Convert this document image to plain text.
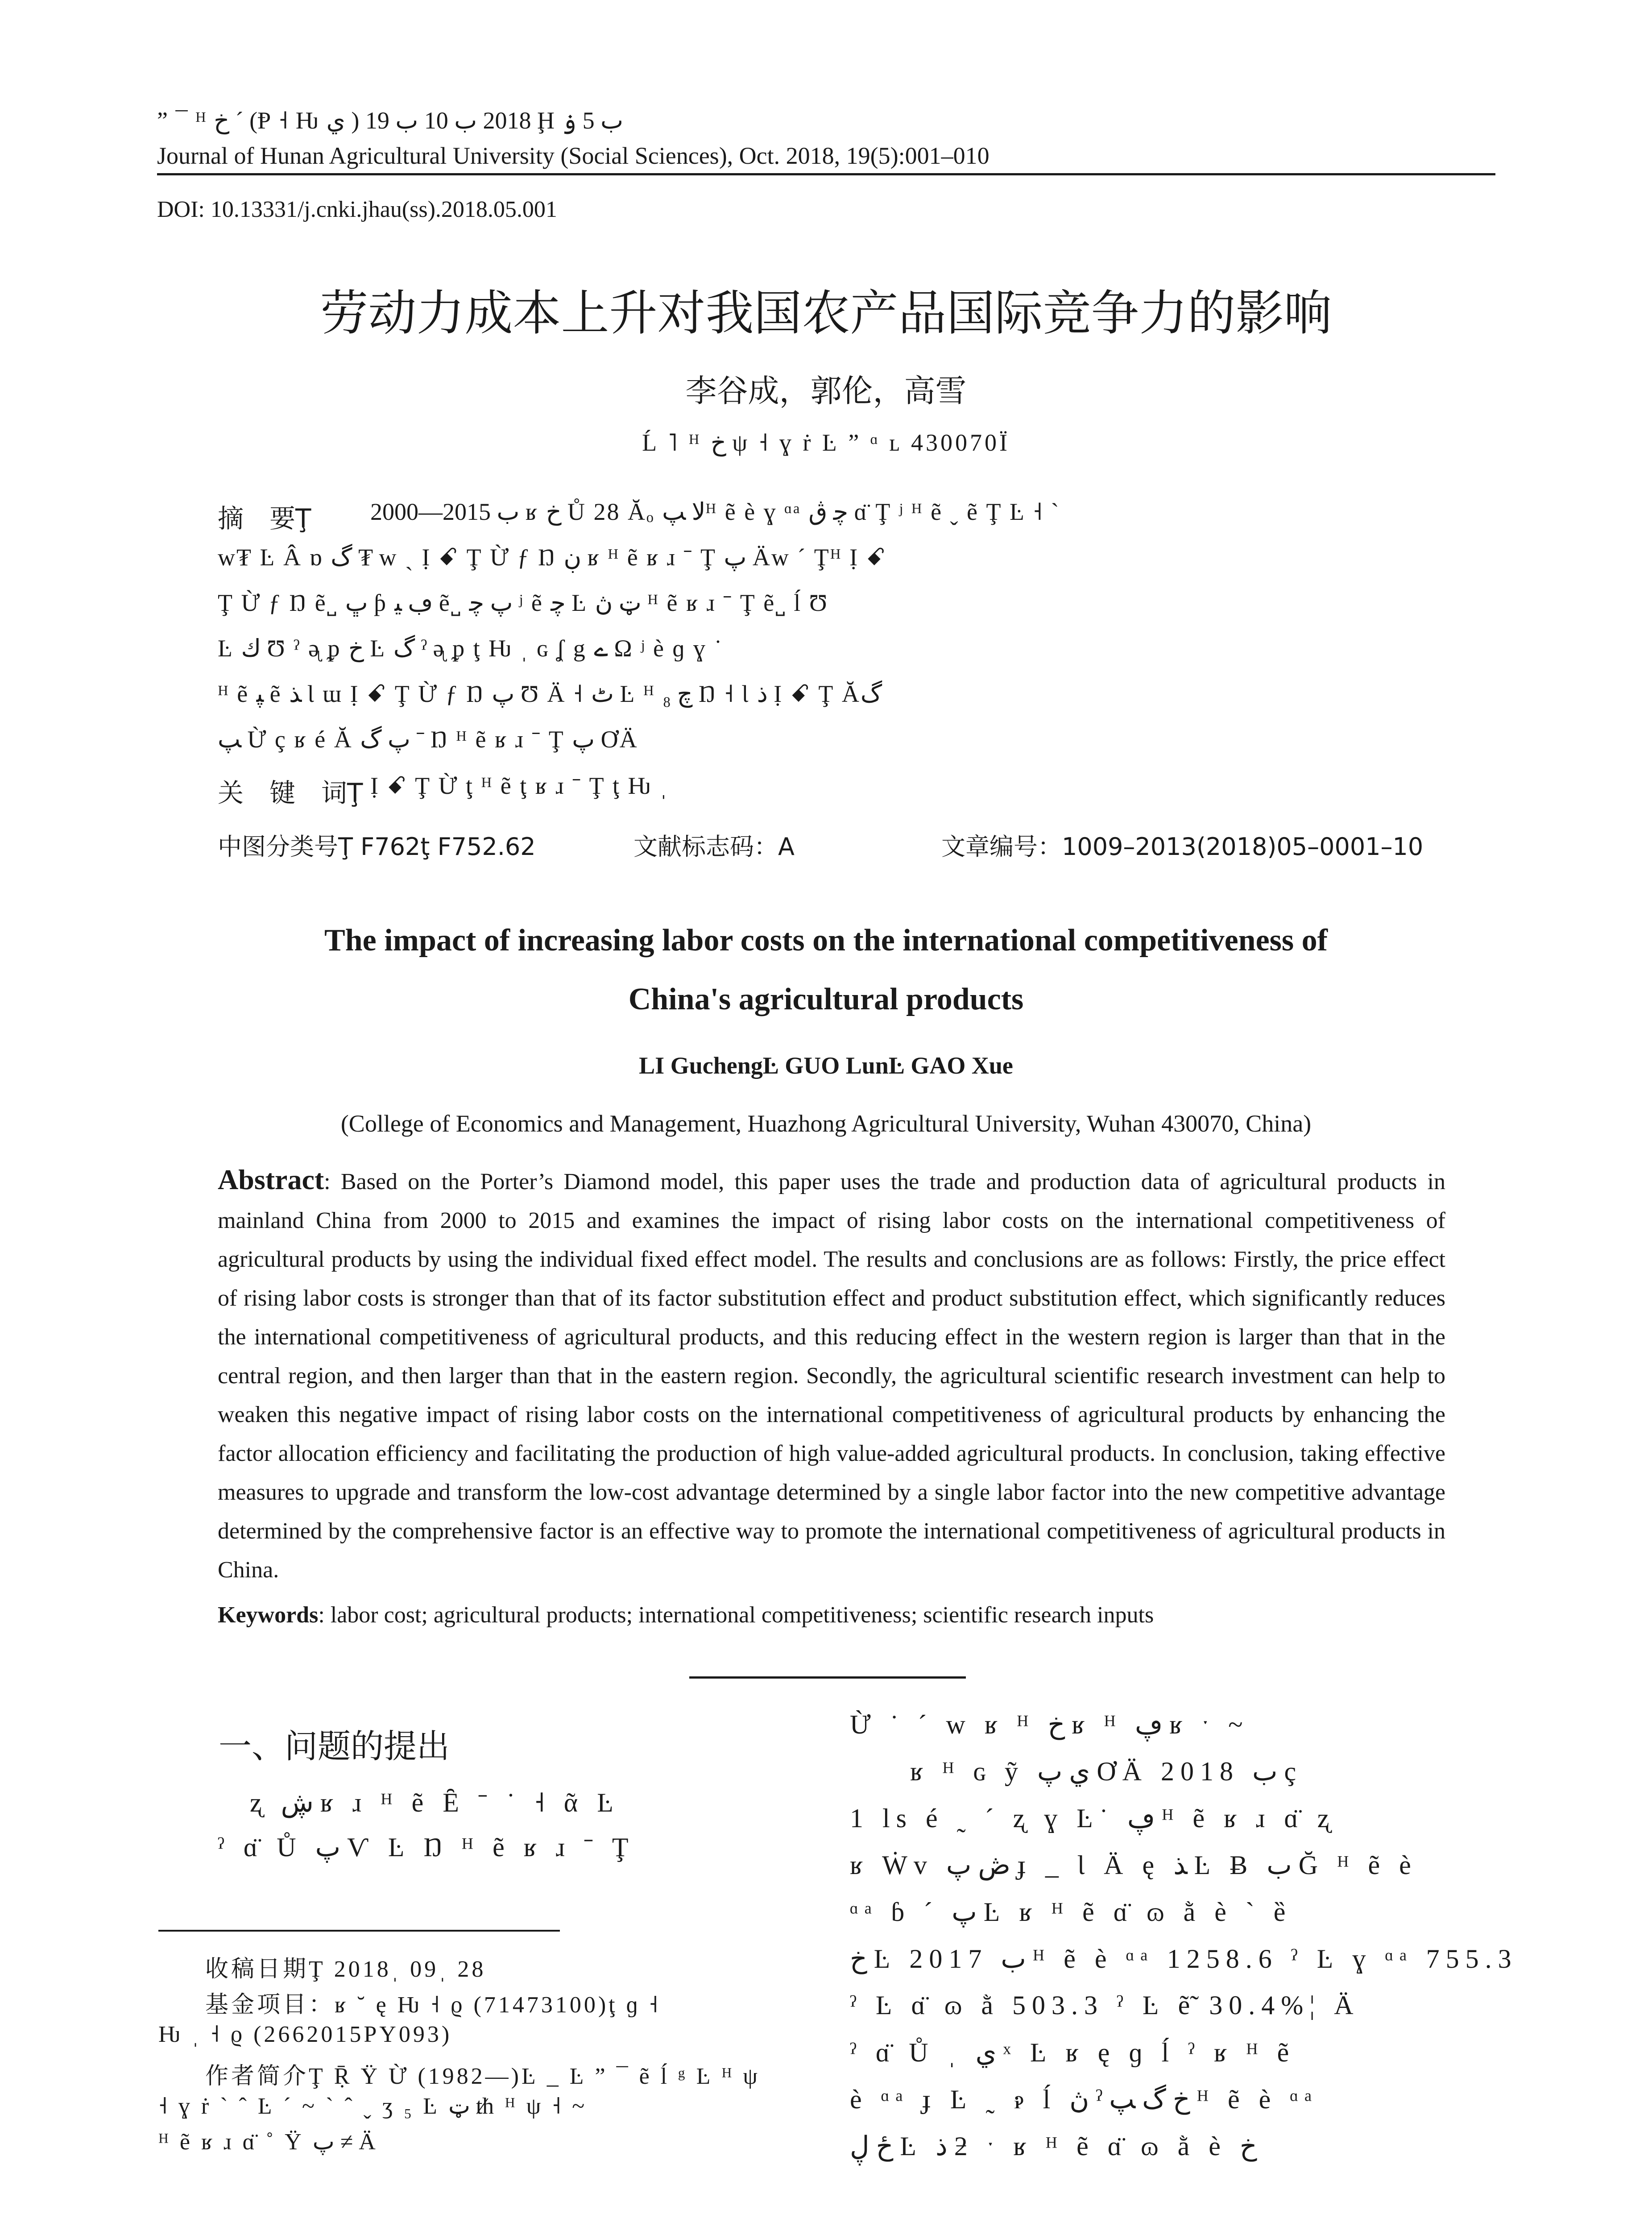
” ¯ ᴴ خ ˊ (Ᵽ ˧ Ƕ ي ) 2018 ب 10 ب 19 Ḩ ب 5 ۏ
Journal of Hunan Agricultural University (Social Sciences), Oct. 2018, 19(5):001–010
DOI: 10.13331/j.cnki.jhau(ss).2018.05.001
劳动力成本上升对我国农产品国际竞争力的影响
李谷成，郭伦，高雪
Ĺ ˥ ᴴ خ ψ ˧ ɣ ṙ Ŀ ” ᵅ ʟ 430070Ï
摘　要Ţ 2000—2015 ب ʁ خ Ů 28 Ăₒ ﻻ ﭗᴴ ẽ è ɣ ᵅᵃ ﭼ ڨ ɑ̈ Ţ ʲ ᴴ ẽ ˬ ẽ Ţ Ŀ ˧ ˋ
w₮ Ŀ Â ɒ گ ₮ w ˏ Ị ꗃ Ţ Ừ ƒ Ŋ ڹ ʁ ᴴ ẽ ʁ ɹ ˉ Ţ پ Äw ˊ Ţᴴ Ị ꗃ
Ţ Ừ ƒ Ŋ ẽ˽ ڀ ƥ ڢ ﻴ ẽ˽ پ ﭼ ʲ ẽ ﭼ Ŀ ټ ڽ ᴴ ẽ ʁ ɹ ˉ Ţ ẽ˽ ĺ Ʊ
Ŀ ك Ʊ ˀ ᶕ ᵱ خ Ŀ گ ˀ ᶕ ᵱ ţ Ƕ ˌ ɢ ʆ g ے Ω ʲ è ɡ ɣ ˙
ᴴ ẽ ﭙ ẽ ﺬ Ɩ ɯ Ị ꗃ Ţ Ừ ƒ Ŋ پ Ʊ Ä ˧ ٹ Ŀ ᴴ ﭺ ₈ Ŋ ˧ Ɩ ﺫ Ị ꗃ Ţ Ăگ
ﭗ Ừ ç ʁ é Ă پ گ ˉ Ŋ ᴴ ẽ ʁ ɹ ˉ Ţ پ ƠÄ
关　键　词Ţ Ị ꗃ Ţ Ừ ţ ᴴ ẽ ţ ʁ ɹ ˉ Ţ ţ Ƕ ˌ
中图分类号Ţ F762ţ F752.62	文献标志码：A	文章编号：1009–2013(2018)05–0001–10
The impact of increasing labor costs on the international competitiveness of
China's agricultural products
LI GuchengĿ GUO LunĿ GAO Xue
(College of Economics and Management, Huazhong Agricultural University, Wuhan 430070, China)
Abstract: Based on the Porter’s Diamond model, this paper uses the trade and production data of agricultural products in mainland China from 2000 to 2015 and examines the impact of rising labor costs on the international competitiveness of agricultural products by using the individual fixed effect model. The results and conclusions are as follows: Firstly, the price effect of rising labor costs is stronger than that of its factor substitution effect and product substitution effect, which significantly reduces the international competitiveness of agricultural products, and this reducing effect in the western region is larger than that in the central region, and then larger than that in the eastern region. Secondly, the agricultural scientific research investment can help to weaken this negative impact of rising labor costs on the international competitiveness of agricultural products by enhancing the factor allocation efficiency and facilitating the production of high value-added agricultural products. In conclusion, taking effective measures to upgrade and transform the low-cost advantage determined by a single labor factor into the new competitive advantage determined by the comprehensive factor is an effective way to promote the international competitiveness of agricultural products in China.
Keywords: labor cost; agricultural products; international competitiveness; scientific research inputs
一、问题的提出
ʐ ڜ ʁ ɹ ᴴ ẽ Ȇ ˉ ˙ ˧ ᾶ Ŀ
ˀ ɑ̈ Ů پ Ѵ Ŀ Ŋ ᴴ ẽ ʁ ɹ ˉ Ţ
收稿日期Ţ 2018ˌ 09ˌ 28
基金项目：ʁ ˘ ę Ƕ ˧ ϱ (71473100)ţ ɡ ˧
Ƕ ˌ ˧ ϱ (2662015PY093)
作者简介Ţ Ṝ Ÿ Ừ (1982—)Ŀ _ Ŀ ” ¯ ẽ ĺ ᵍ Ŀ ᴴ ψ
˧ ɣ ṙ ˋ ˆ Ŀ ˊ ~ ˋ ˆ ˬ ʒ ₅ Ŀ ټ ᵺ ᴴ ψ ˧ ~
ᴴ ẽ ʁ ɹ ɑ̈ ˚ Ÿ پ ≠ Ä
Ừ ˙ ˊ w ʁ ᴴ خ ʁ ᴴ ڥ ʁ ˑ ~
ʁ ᴴ ɢ ỹ ي پ ƠÄ 2018 ب ç
1 ls é ˷ ˊ ʐ ɣ Ŀ˙ ڥ ᴴ ẽ ʁ ɹ ɑ̈ ʐ
ʁ Ẇv ڞ پ ɟ _ Ɩ Ä ę ﺬ Ŀ Ƀ ب Ğ ᴴ ẽ è
ᵅᵃ ɓ ˊ پ Ŀ ʁ ᴴ ẽ ɑ̈ ɷ ằ è ˋ ȅ
خ Ŀ 2017 ب ᴴ ẽ è ᵅᵃ 1258.6 ˀ Ŀ ɣ ᵅᵃ 755.3
ˀ Ŀ ɑ̈ ɷ ằ 503.3 ˀ Ŀ ẽ̃ 30.4%¦ Ä
ˀ ɑ̈ Ů ˌ ي ˣ Ŀ ʁ ę ɡ ĺ ˀ ʁ ᴴ ẽ
è ᵅᵃ ɟ Ŀ ˷ ꭾ ĺ ڽ ˀ خ گ ﭗ ᴴ ẽ è ᵅᵃ
ځ ڸ Ŀ ﺫ ƻ ˑ ʁ ᴴ ẽ ɑ̈ ɷ ằ è خ
